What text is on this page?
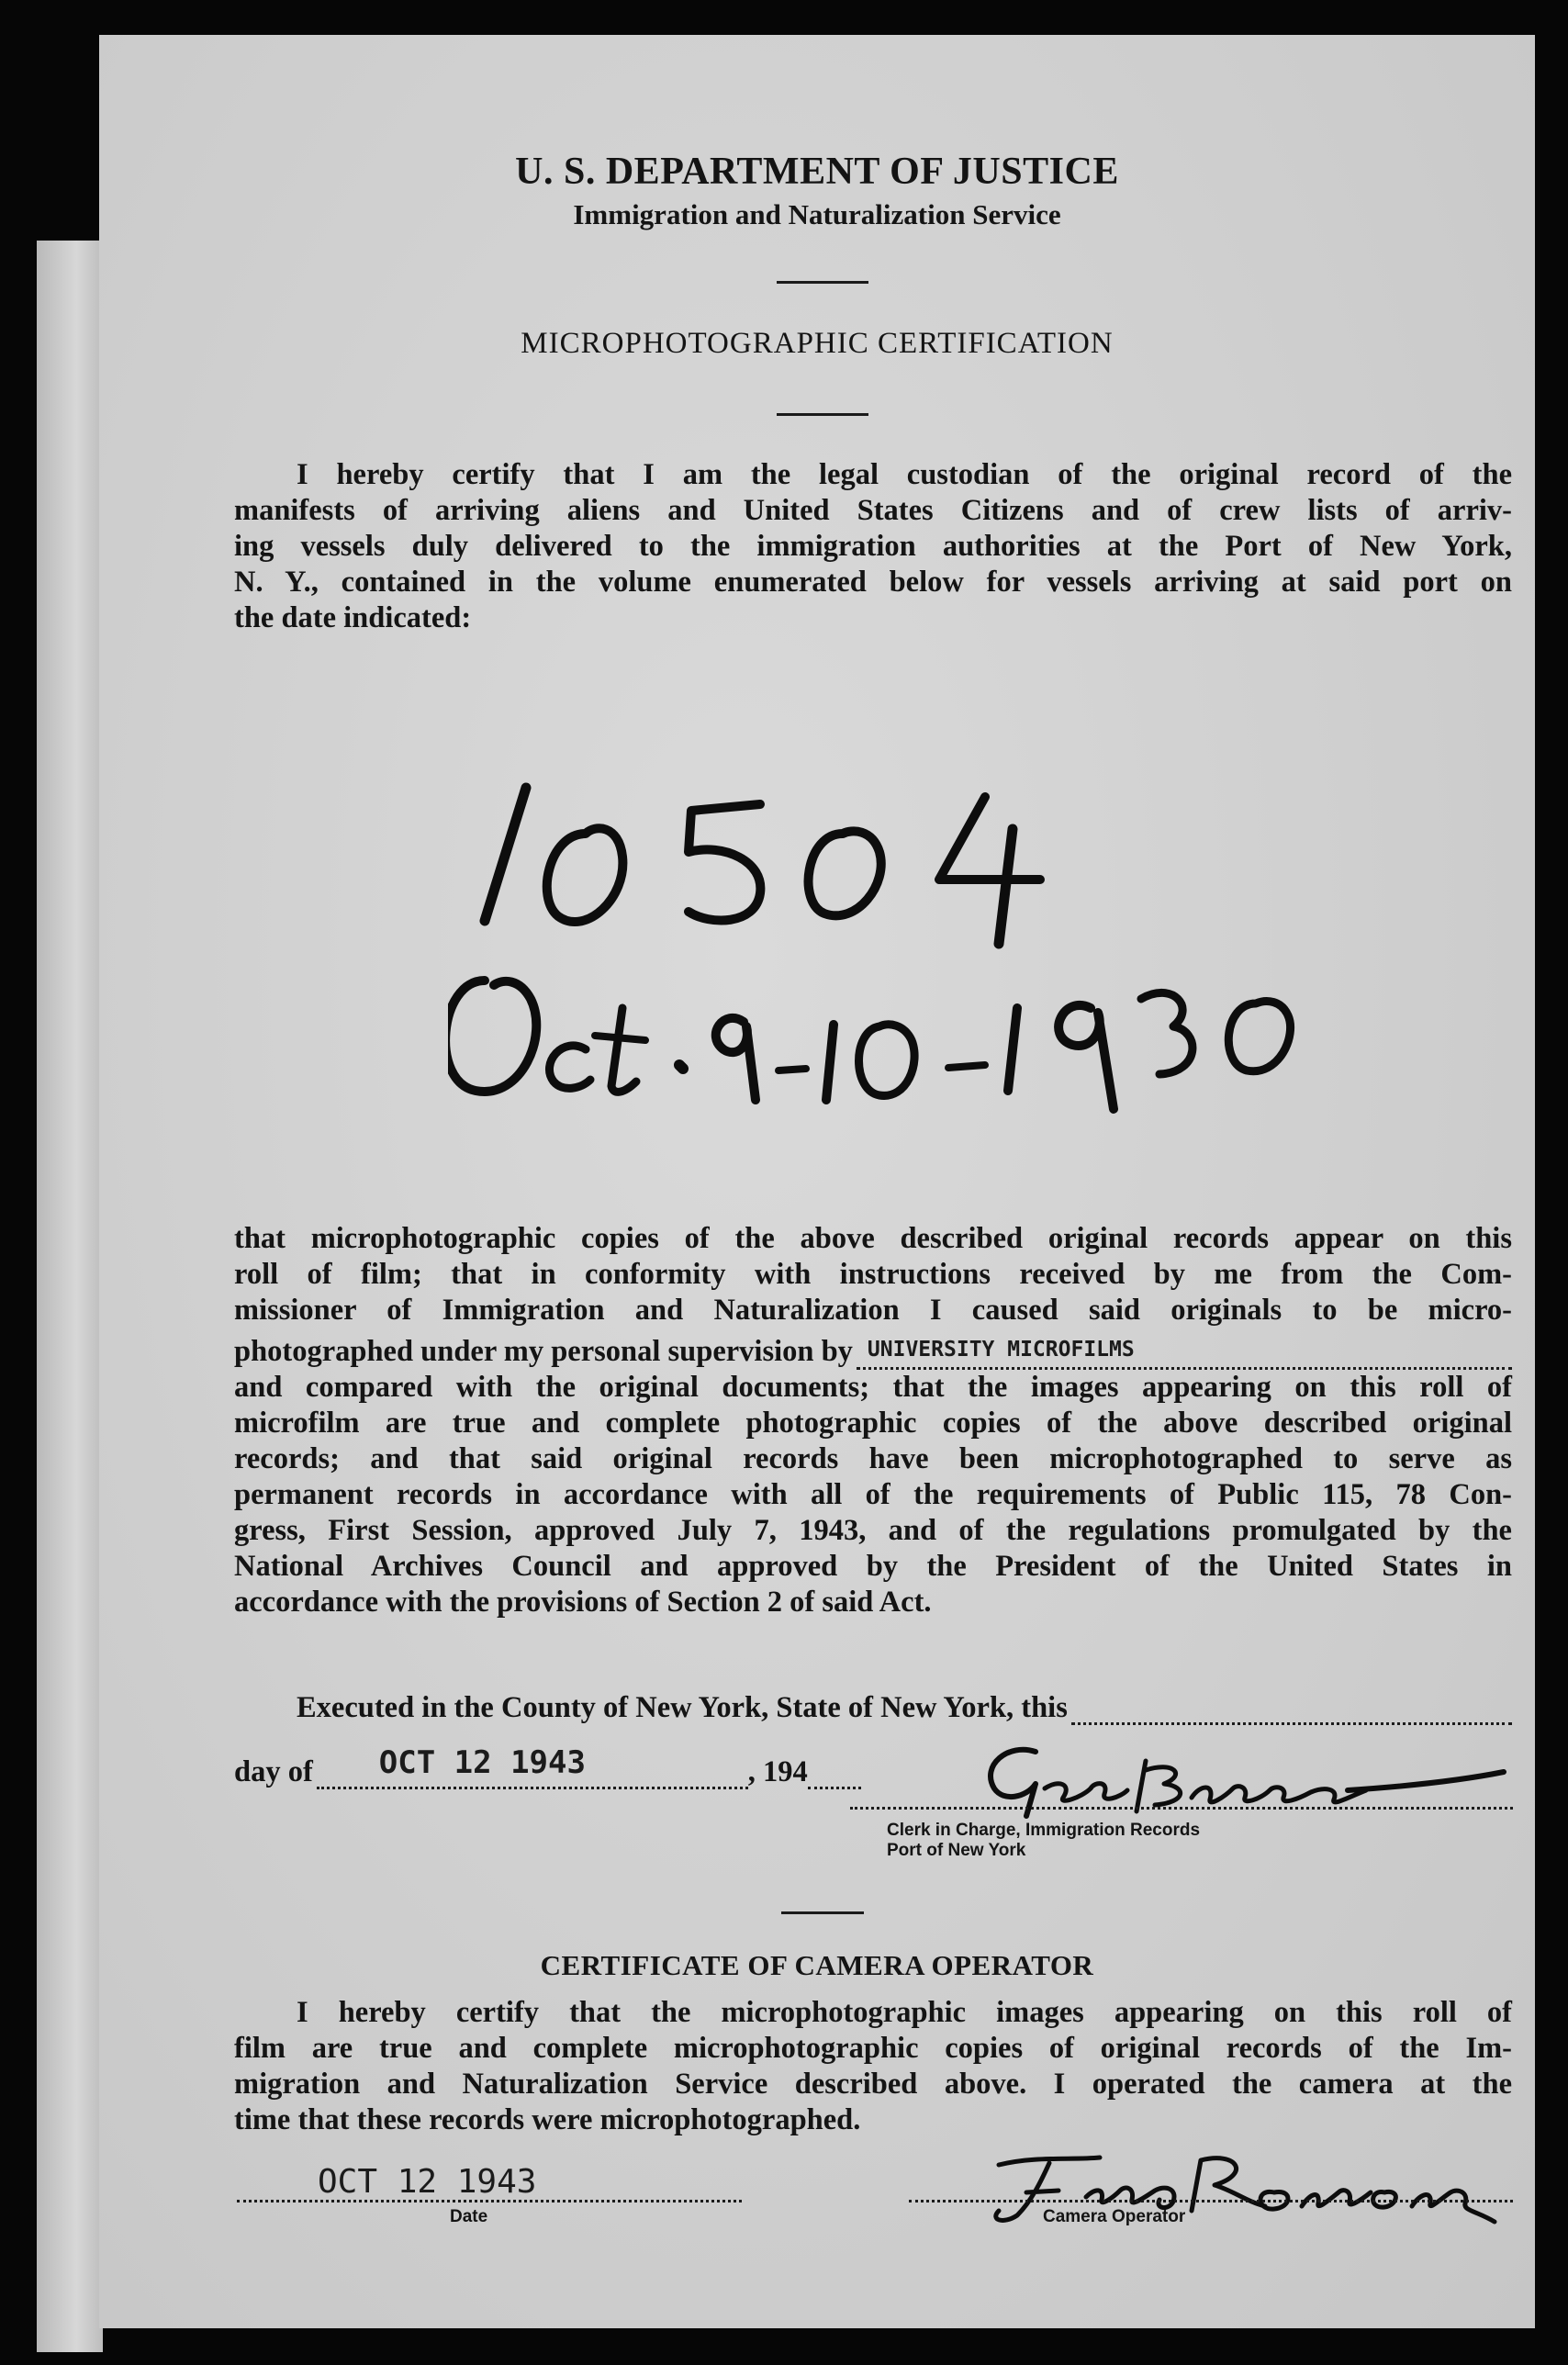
U. S. DEPARTMENT OF JUSTICE
Immigration and Naturalization Service
MICROPHOTOGRAPHIC CERTIFICATION
I hereby certify that I am the legal custodian of the original record of the
manifests of arriving aliens and United States Citizens and of crew lists of arriv-
ing vessels duly delivered to the immigration authorities at the Port of New York,
N. Y., contained in the volume enumerated below for vessels arriving at said port on
the date indicated:
that microphotographic copies of the above described original records appear on this
roll of film; that in conformity with instructions received by me from the Com-
missioner of Immigration and Naturalization I caused said originals to be micro-
photographed under my personal supervision by UNIVERSITY MICROFILMS
and compared with the original documents; that the images appearing on this roll of
microfilm are true and complete photographic copies of the above described original
records; and that said original records have been microphotographed to serve as
permanent records in accordance with all of the requirements of Public 115, 78 Con-
gress, First Session, approved July 7, 1943, and of the regulations promulgated by the
National Archives Council and approved by the President of the United States in
accordance with the provisions of Section 2 of said Act.
Executed in the County of New York, State of New York, this
day of OCT 12 1943	, 194
Clerk in Charge, Immigration Records
Port of New York
CERTIFICATE OF CAMERA OPERATOR
I hereby certify that the microphotographic images appearing on this roll of
film are true and complete microphotographic copies of original records of the Im-
migration and Naturalization Service described above. I operated the camera at the
time that these records were microphotographed.
OCT 12 1943
Date	Camera Operator
